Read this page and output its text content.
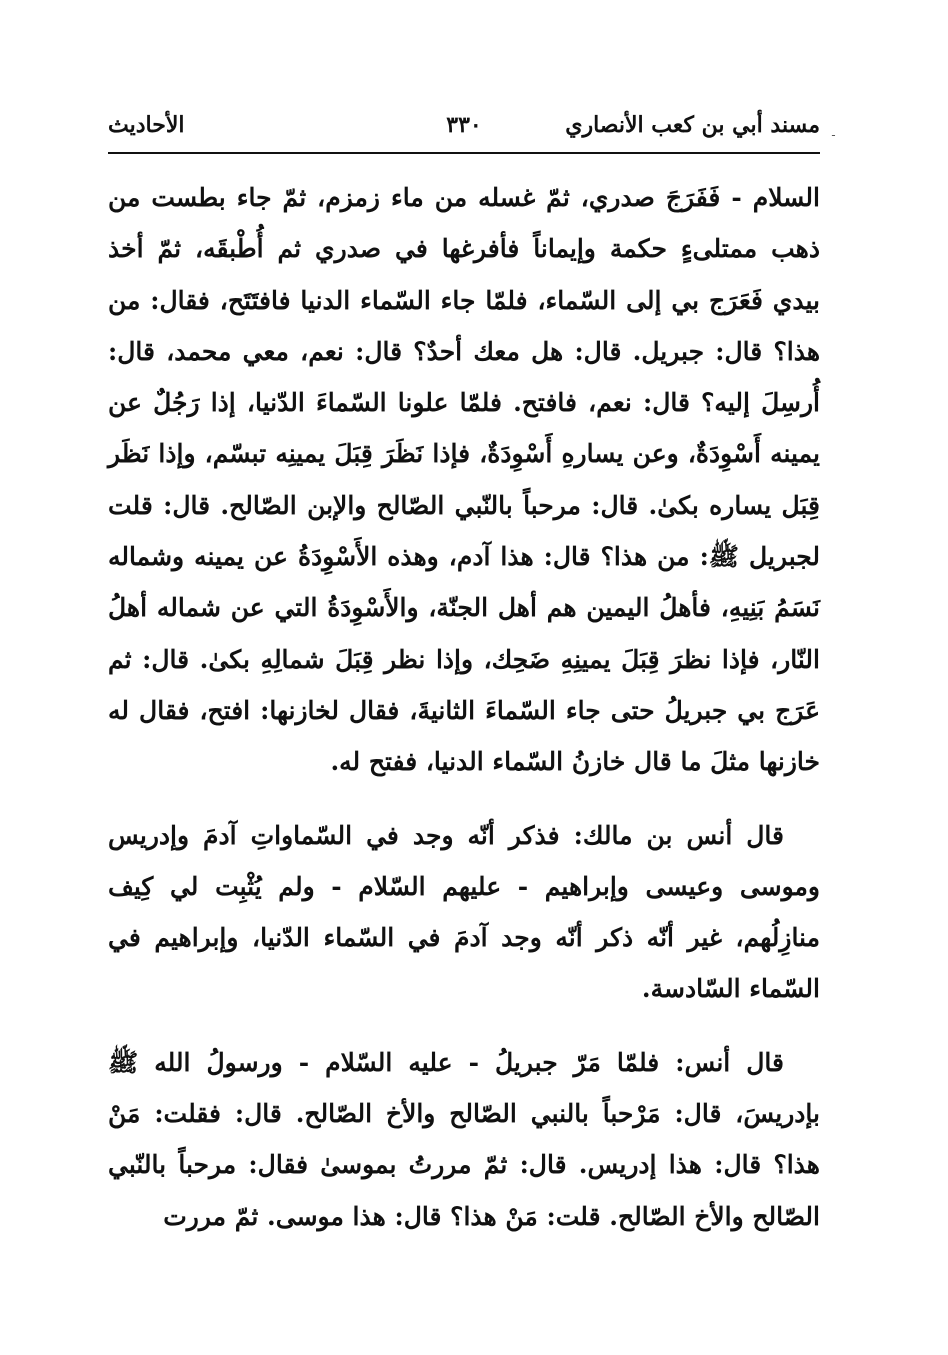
مسند أبي بن كعب الأنصاري
٣٣٠
الأحاديث	ـ

السلام - فَفَرَجَ صدري، ثمّ غسله من ماء زمزم، ثمّ جاء بطست من ذهب ممتلىءٍ حكمة وإيماناً فأفرغها في صدري ثم أُطْبقَه، ثمّ أخذ بيدي فَعَرَج بي إلى السّماء، فلمّا جاء السّماء الدنيا فافتَتَح، فقال: من هذا؟ قال: جبريل. قال: هل معك أحدٌ؟ قال: نعم، معي محمد، قال: أُرسِلَ إليه؟ قال: نعم، فافتح. فلمّا علونا السّماءَ الدّنيا، إذا رَجُلٌ عن يمينه أَسْوِدَةٌ، وعن يسارهِ أَسْوِدَةٌ، فإذا نَظَرَ قِبَلَ يمينِه تبسّم، وإذا نَظَر قِبَل يساره بكىٰ. قال: مرحباً بالنّبي الصّالح والإبن الصّالح. قال: قلت لجبريل ﷺ: من هذا؟ قال: هذا آدم، وهذه الأَسْوِدَةُ عن يمينه وشماله نَسَمُ بَنِيهِ، فأهلُ اليمين هم أهل الجنّة، والأَسْوِدَةُ التي عن شماله أهلُ النّار، فإذا نظرَ قِبَلَ يمينِهِ ضَحِك، وإذا نظر قِبَلَ شمالِهِ بكىٰ. قال: ثم عَرَج بي جبريلُ حتى جاء السّماءَ الثانيةَ، فقال لخازنها: افتح، فقال له خازنها مثلَ ما قال خازنُ السّماء الدنيا، ففتح له.

قال أنس بن مالك: فذكر أنّه وجد في السّماواتِ آدمَ وإدريس وموسى وعيسى وإبراهيم - عليهم السّلام - ولم يُثْبِت لي كِيف منازِلُهم، غير أنّه ذكر أنّه وجد آدمَ في السّماء الدّنيا، وإبراهيم في السّماء السّادسة.

قال أنس: فلمّا مَرّ جبريلُ - عليه السّلام - ورسولُ الله ﷺ بإدريسَ، قال: مَرْحباً بالنبي الصّالح والأخ الصّالح. قال: فقلت: مَنْ هذا؟ قال: هذا إدريس. قال: ثمّ مررتُ بموسىٰ فقال: مرحباً بالنّبي الصّالح والأخ الصّالح. قلت: مَنْ هذا؟ قال: هذا موسى. ثمّ مررت
